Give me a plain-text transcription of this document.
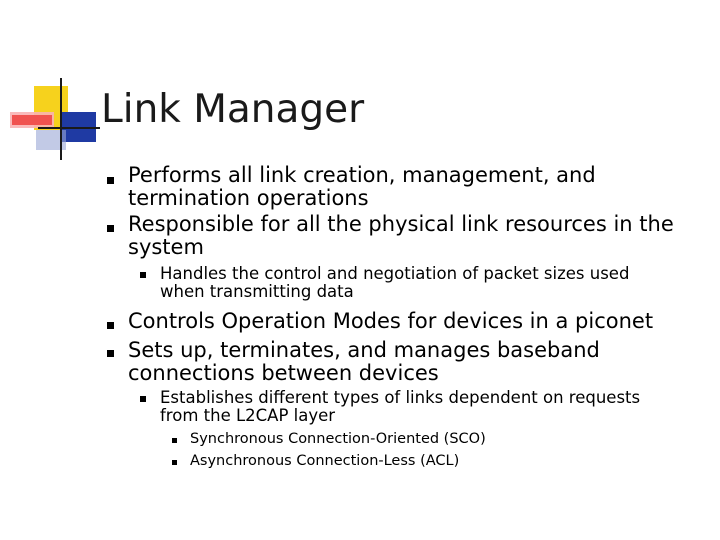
Link Manager
Performs all link creation, management, and
termination operations
Responsible for all the physical link resources in the
system
Handles the control and negotiation of packet sizes used
when transmitting data
Controls Operation Modes for devices in a piconet
Sets up, terminates, and manages baseband
connections between devices
Establishes different types of links dependent on requests
from the L2CAP layer
Synchronous Connection-Oriented (SCO)
Asynchronous Connection-Less (ACL)
